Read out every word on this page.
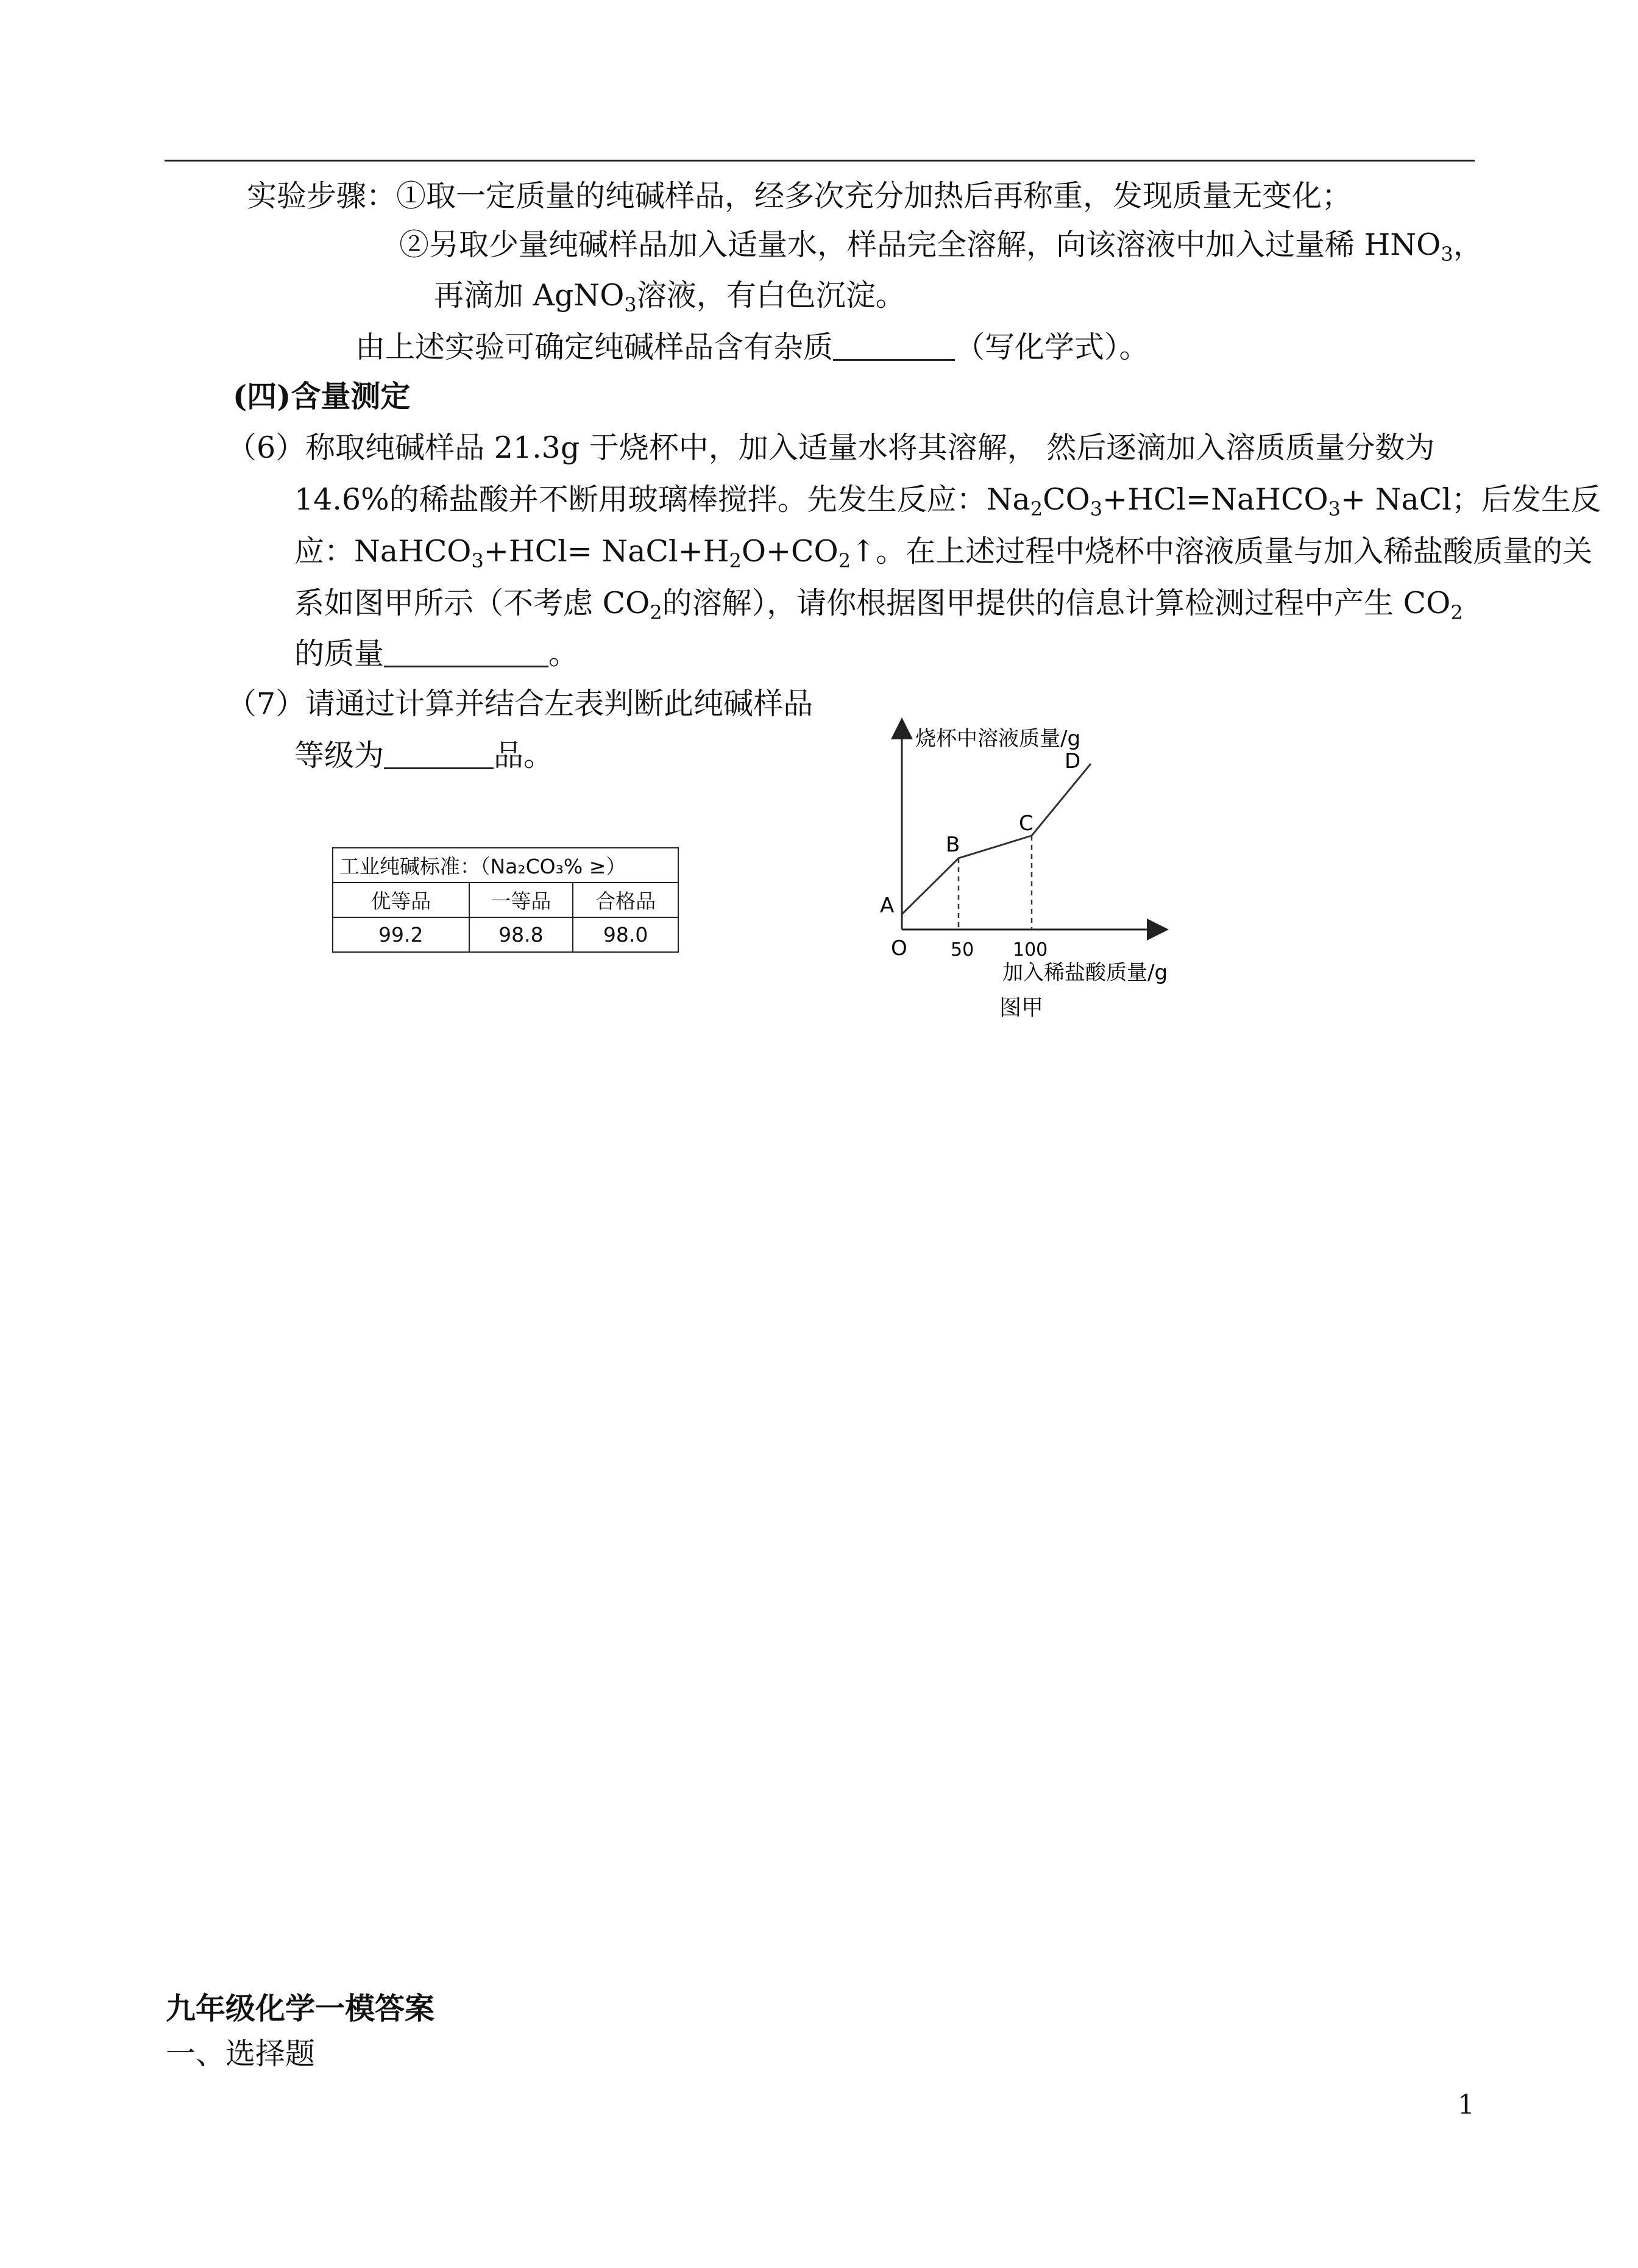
实验步骤：①取一定质量的纯碱样品，经多次充分加热后再称重，发现质量无变化；
②另取少量纯碱样品加入适量水，样品完全溶解，向该溶液中加入过量稀 $HNO_3$，
再滴加 AgNO$_3$溶液，有白色沉淀。
由上述实验可确定纯碱样品含有杂质	（写化学式）。
(四)含量测定
（6）称取纯碱样品 21.3g 于烧杯中，加入适量水将其溶解， 然后逐滴加入溶质质量分数为
14.6%的稀盐酸并不断用玻璃棒搅拌。先发生反应：$Na_2CO_3+HCl=NaHCO_3+$ NaCl；后发生反
应：NaHCO$_3$+HCl= $NaCl+H_2O+CO_2↑$。在上述过程中烧杯中溶液质量与加入稀盐酸质量的关
系如图甲所示（不考虑 $CO_2$的溶解），请你根据图甲提供的信息计算检测过程中产生 $CO_2$
的质量	。
（7）请通过计算并结合左表判断此纯碱样品
等级为	品。
工业纯碱标准：（Na₂CO₃% ≥）		
优等品	一等品	合格品
99.2	98.8	98.0
烧杯中溶液质量/g
加入稀盐酸质量/g
O 50 100
图甲
A
B
C
D
九年级化学一模答案
一、选择题
1
